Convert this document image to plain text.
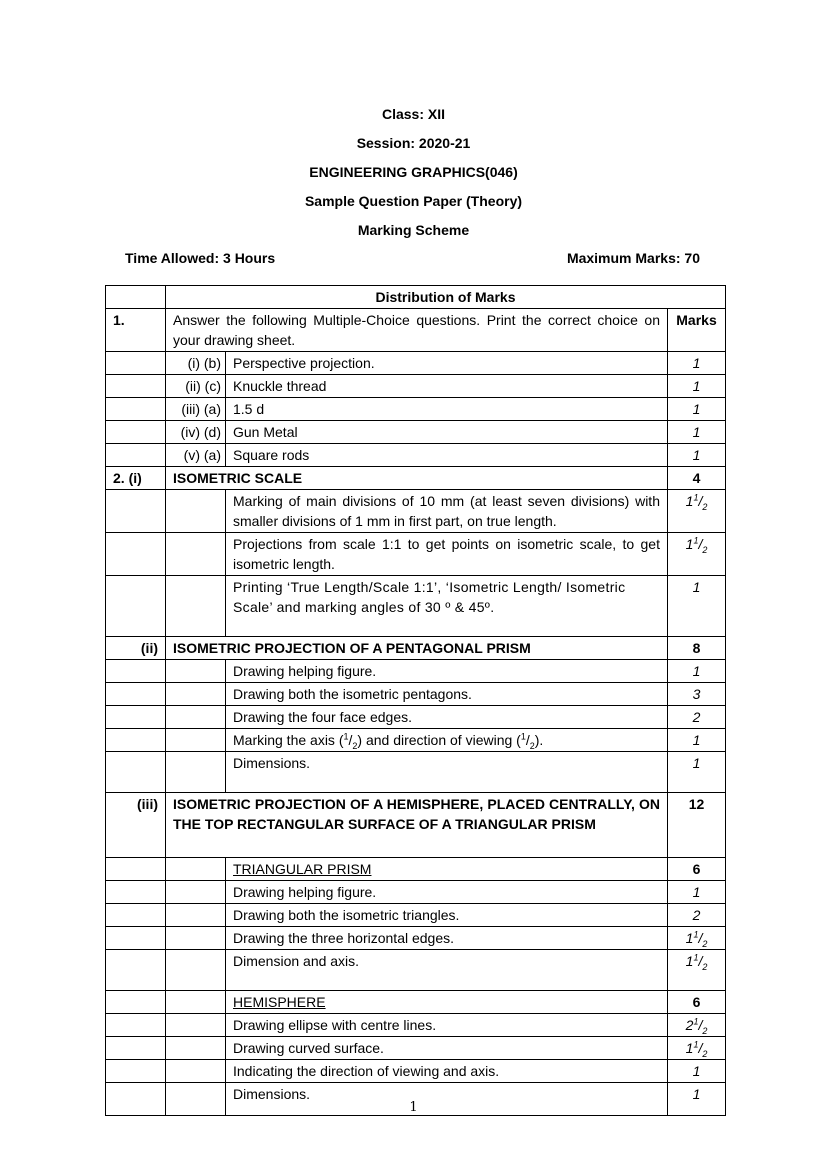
Class: XII
Session: 2020-21
ENGINEERING GRAPHICS(046)
Sample Question Paper (Theory)
Marking Scheme
Time Allowed: 3 Hours	Maximum Marks: 70
	Distribution of Marks		
1.	Answer the following Multiple-Choice questions. Print the correct choice on your drawing sheet.		Marks
	(i) (b)	Perspective projection.	1
	(ii) (c)	Knuckle thread	1
	(iii) (a)	1.5 d	1
	(iv) (d)	Gun Metal	1
	(v) (a)	Square rods	1
2. (i)	ISOMETRIC SCALE		4
		Marking of main divisions of 10 mm (at least seven divisions) with smaller divisions of 1 mm in first part, on true length.	$1^1/_2$
		Projections from scale 1:1 to get points on isometric scale, to get isometric length.	$1^1/_2$
		Printing ‘True Length/Scale 1:1’, ‘Isometric Length/ Isometric Scale’ and marking angles of 30 º & 45º.	1
(ii)	ISOMETRIC PROJECTION OF A PENTAGONAL PRISM		8
		Drawing helping figure.	1
		Drawing both the isometric pentagons.	3
		Drawing the four face edges.	2
		Marking the axis $(^1/_2)$ and direction of viewing $(^1/_2)$.	1
		Dimensions.	1
(iii)	ISOMETRIC PROJECTION OF A HEMISPHERE, PLACED CENTRALLY, ON THE TOP RECTANGULAR SURFACE OF A TRIANGULAR PRISM		12
		TRIANGULAR PRISM	6
		Drawing helping figure.	1
		Drawing both the isometric triangles.	2
		Drawing the three horizontal edges.	$1^1/_2$
		Dimension and axis.	$1^1/_2$
		HEMISPHERE	6
		Drawing ellipse with centre lines.	$2^1/_2$
		Drawing curved surface.	$1^1/_2$
		Indicating the direction of viewing and axis.	1
		Dimensions.	1
1
